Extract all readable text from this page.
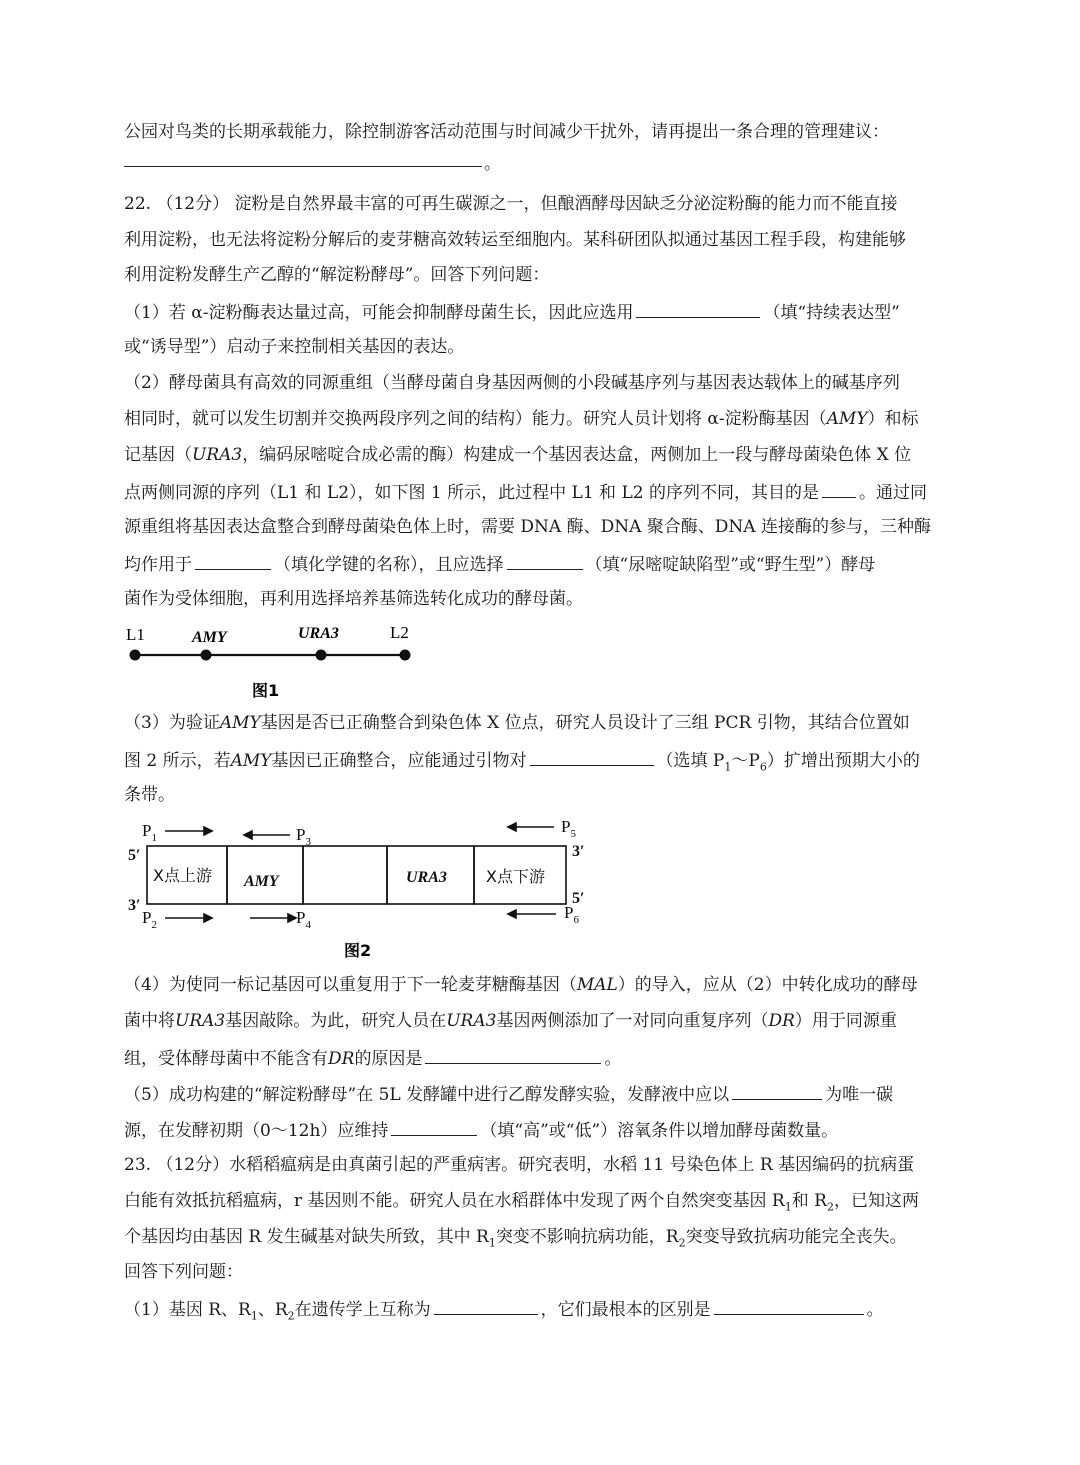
公园对鸟类的长期承载能力，除控制游客活动范围与时间减少干扰外，请再提出一条合理的管理建议：
。
22. （12分） 淀粉是自然界最丰富的可再生碳源之一，但酿酒酵母因缺乏分泌淀粉酶的能力而不能直接
利用淀粉，也无法将淀粉分解后的麦芽糖高效转运至细胞内。某科研团队拟通过基因工程手段，构建能够
利用淀粉发酵生产乙醇的“解淀粉酵母”。回答下列问题：
（1）若 α-淀粉酶表达量过高，可能会抑制酵母菌生长，因此应选用	（填“持续表达型”
或“诱导型”）启动子来控制相关基因的表达。
（2）酵母菌具有高效的同源重组（当酵母菌自身基因两侧的小段碱基序列与基因表达载体上的碱基序列
相同时，就可以发生切割并交换两段序列之间的结构）能力。研究人员计划将 α-淀粉酶基因（AMY）和标
记基因（URA3，编码尿嘧啶合成必需的酶）构建成一个基因表达盒，两侧加上一段与酵母菌染色体 X 位
点两侧同源的序列（L1 和 L2），如下图 1 所示，此过程中 L1 和 L2 的序列不同，其目的是 。通过同
源重组将基因表达盒整合到酵母菌染色体上时，需要 DNA 酶、DNA 聚合酶、DNA 连接酶的参与，三种酶
均作用于	（填化学键的名称），且应选择	（填“尿嘧啶缺陷型”或“野生型”）酵母
菌作为受体细胞，再利用选择培养基筛选转化成功的酵母菌。
L1	AMY	URA3	L2
图1
（3）为验证AMY基因是否已正确整合到染色体 X 位点，研究人员设计了三组 PCR 引物，其结合位置如
图 2 所示，若AMY基因已正确整合，应能通过引物对	（选填 $P_1\sim P_6$）扩增出预期大小的
条带。
X点上游 AMY	URA3 X点下游
5′	3′
3′	5′
$P_1$	$P_3$
$P_5$
$P_2$	$P_4$
$P_6$
图2
（4）为使同一标记基因可以重复用于下一轮麦芽糖酶基因（MAL）的导入，应从（2）中转化成功的酵母
菌中将URA3基因敲除。为此，研究人员在URA3基因两侧添加了一对同向重复序列（DR）用于同源重
组，受体酵母菌中不能含有DR的原因是	。
（5）成功构建的“解淀粉酵母”在 5L 发酵罐中进行乙醇发酵实验，发酵液中应以	为唯一碳
源，在发酵初期（0～12h）应维持	（填“高”或“低”）溶氧条件以增加酵母菌数量。
23. （12分）水稻稻瘟病是由真菌引起的严重病害。研究表明，水稻 11 号染色体上 R 基因编码的抗病蛋
白能有效抵抗稻瘟病，r 基因则不能。研究人员在水稻群体中发现了两个自然突变基因 $R_1$和 $R_2$，已知这两
个基因均由基因 R 发生碱基对缺失所致，其中 $R_1$突变不影响抗病功能，$R_2$突变导致抗病功能完全丧失。
回答下列问题：
（1）基因 R、$R_1$、$R_2$在遗传学上互称为	，它们最根本的区别是	。
